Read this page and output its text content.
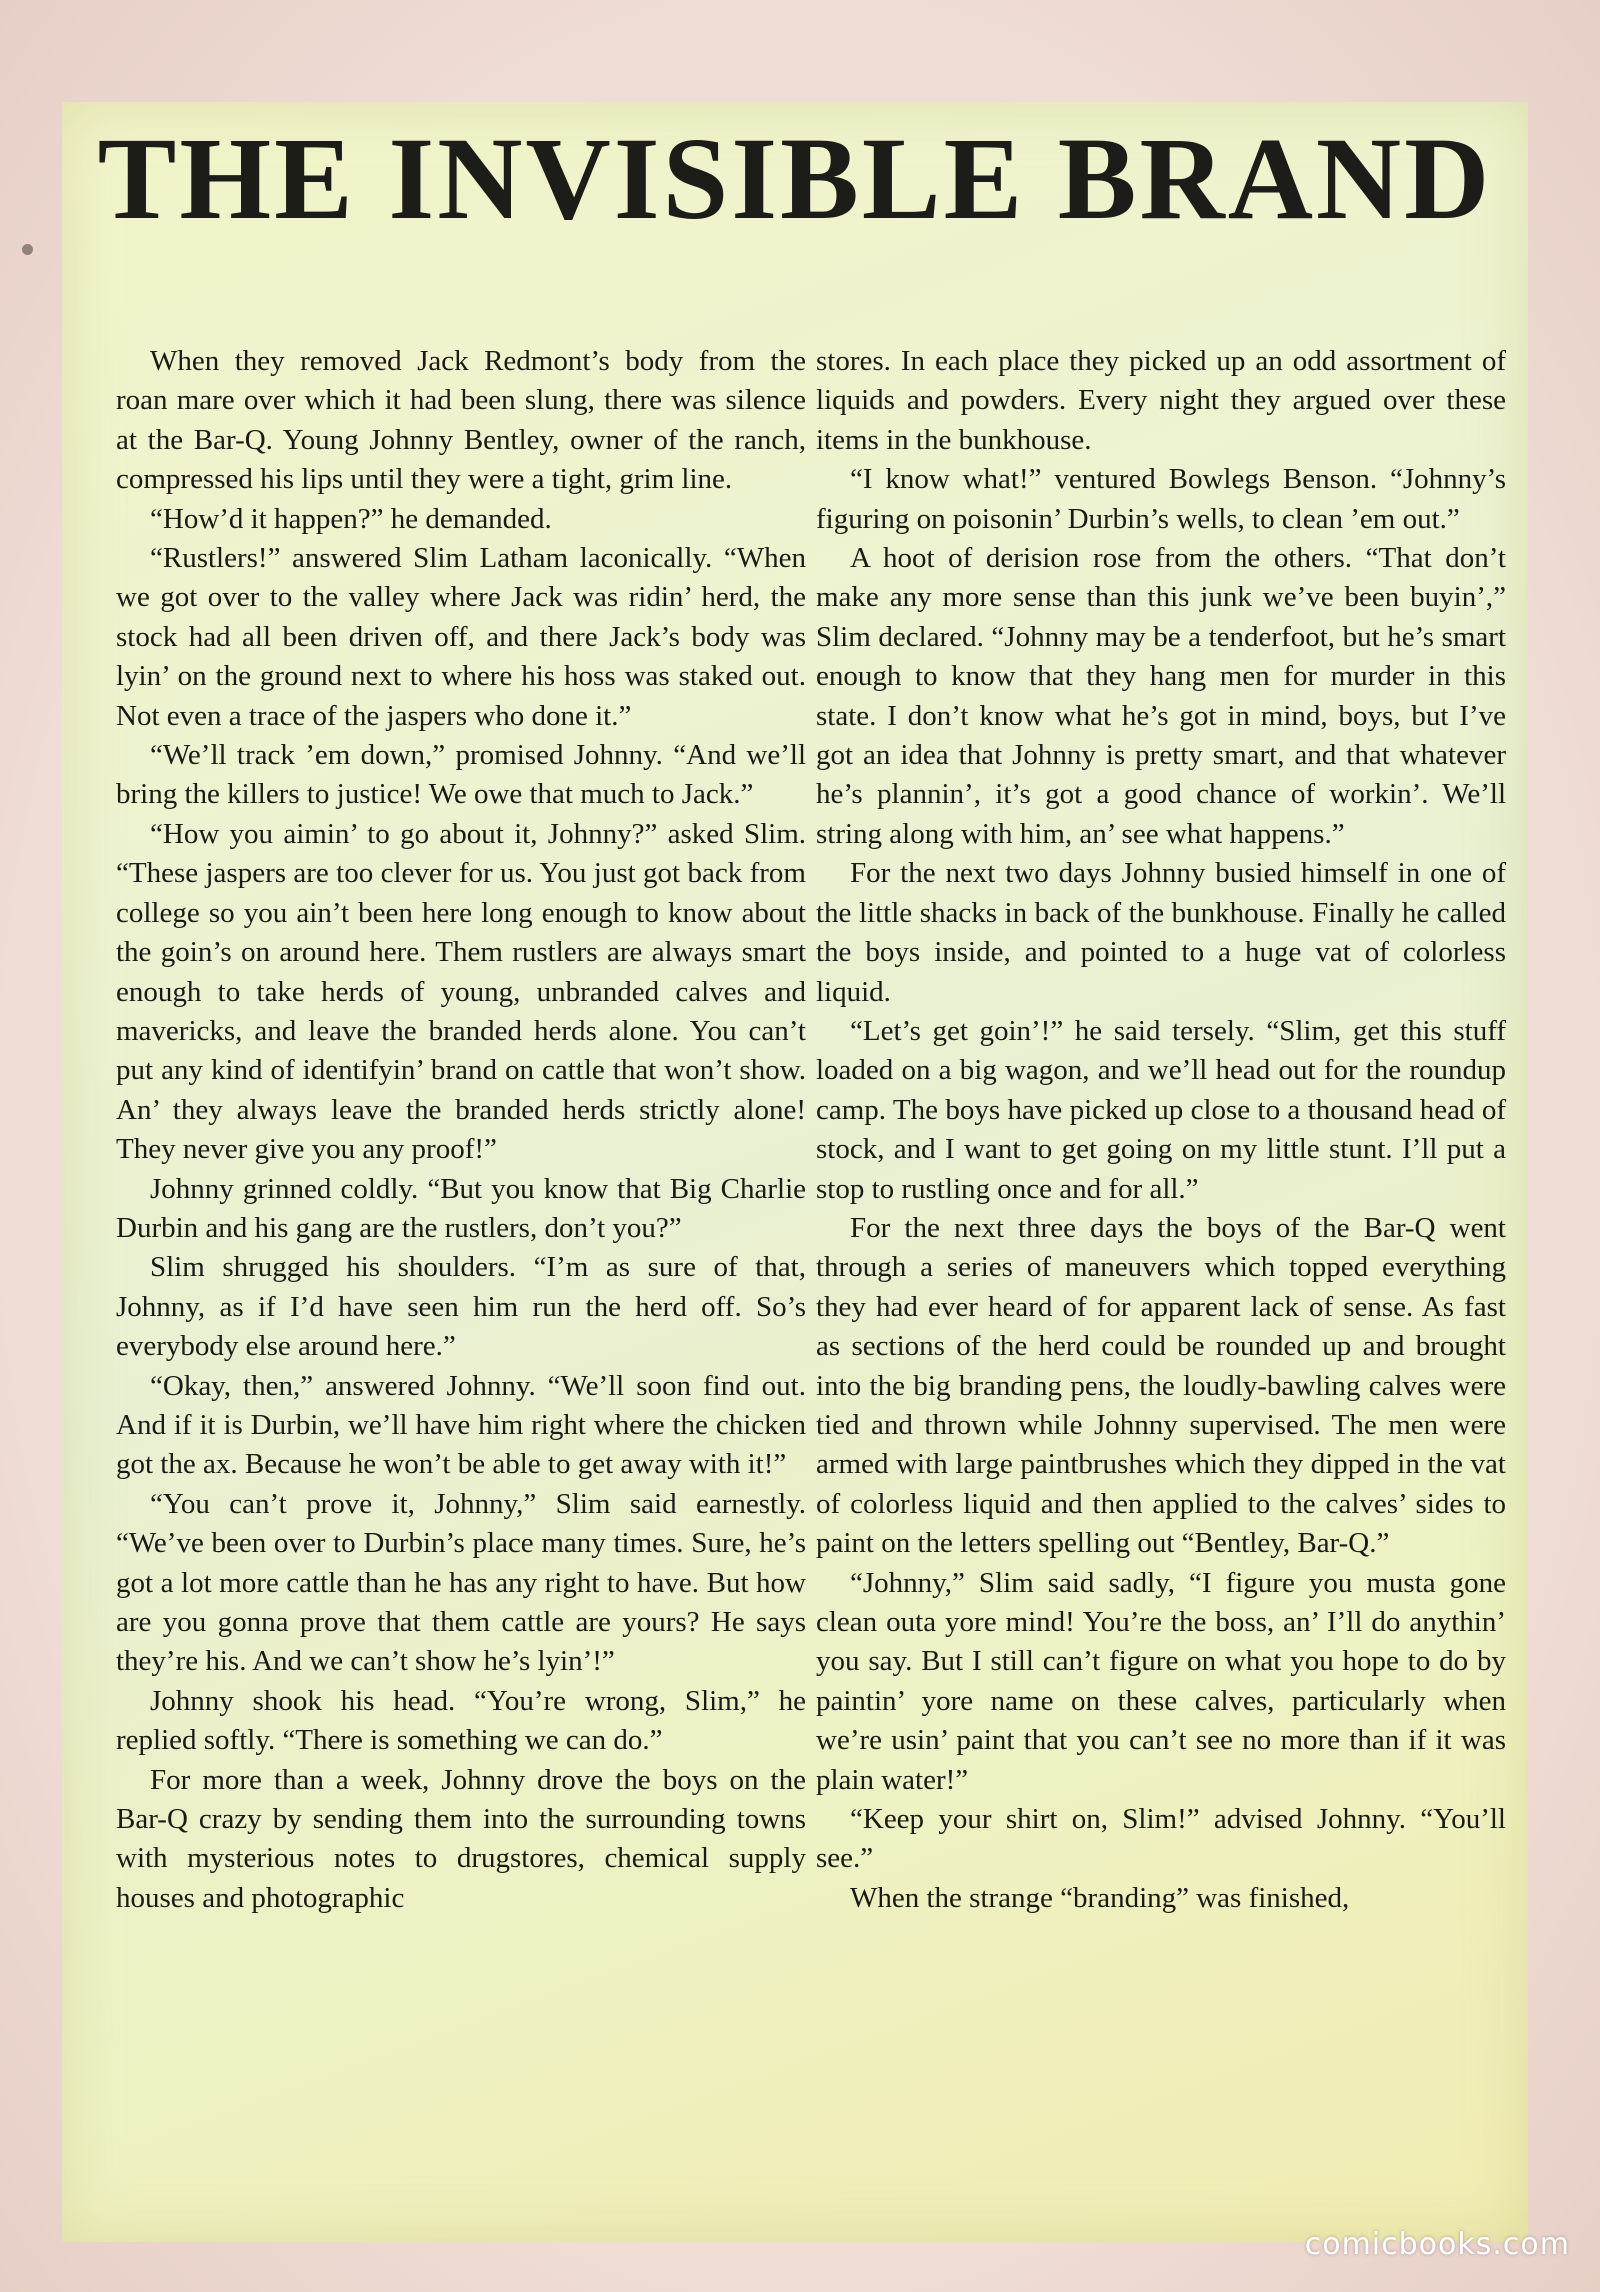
THE INVISIBLE BRAND

When they removed Jack Redmont’s body from the roan mare over which it had been slung, there was silence at the Bar-Q. Young Johnny Bentley, owner of the ranch, compressed his lips until they were a tight, grim line.

“How’d it happen?” he demanded.

“Rustlers!” answered Slim Latham laconically. “When we got over to the valley where Jack was ridin’ herd, the stock had all been driven off, and there Jack’s body was lyin’ on the ground next to where his hoss was staked out. Not even a trace of the jaspers who done it.”

“We’ll track ’em down,” promised Johnny. “And we’ll bring the killers to justice! We owe that much to Jack.”

“How you aimin’ to go about it, Johnny?” asked Slim. “These jaspers are too clever for us. You just got back from college so you ain’t been here long enough to know about the goin’s on around here. Them rustlers are always smart enough to take herds of young, unbranded calves and mavericks, and leave the branded herds alone. You can’t put any kind of identifyin’ brand on cattle that won’t show. An’ they always leave the branded herds strictly alone! They never give you any proof!”

Johnny grinned coldly. “But you know that Big Charlie Durbin and his gang are the rustlers, don’t you?”

Slim shrugged his shoulders. “I’m as sure of that, Johnny, as if I’d have seen him run the herd off. So’s everybody else around here.”

“Okay, then,” answered Johnny. “We’ll soon find out. And if it is Durbin, we’ll have him right where the chicken got the ax. Because he won’t be able to get away with it!”

“You can’t prove it, Johnny,” Slim said earnestly. “We’ve been over to Durbin’s place many times. Sure, he’s got a lot more cattle than he has any right to have. But how are you gonna prove that them cattle are yours? He says they’re his. And we can’t show he’s lyin’!”

Johnny shook his head. “You’re wrong, Slim,” he replied softly. “There is something we can do.”

For more than a week, Johnny drove the boys on the Bar-Q crazy by sending them into the surrounding towns with mysterious notes to drugstores, chemical supply houses and photographic

stores. In each place they picked up an odd assortment of liquids and powders. Every night they argued over these items in the bunkhouse.

“I know what!” ventured Bowlegs Benson. “Johnny’s figuring on poisonin’ Durbin’s wells, to clean ’em out.”

A hoot of derision rose from the others. “That don’t make any more sense than this junk we’ve been buyin’,” Slim declared. “Johnny may be a tenderfoot, but he’s smart enough to know that they hang men for murder in this state. I don’t know what he’s got in mind, boys, but I’ve got an idea that Johnny is pretty smart, and that whatever he’s plannin’, it’s got a good chance of workin’. We’ll string along with him, an’ see what happens.”

For the next two days Johnny busied himself in one of the little shacks in back of the bunkhouse. Finally he called the boys inside, and pointed to a huge vat of colorless liquid.

“Let’s get goin’!” he said tersely. “Slim, get this stuff loaded on a big wagon, and we’ll head out for the roundup camp. The boys have picked up close to a thousand head of stock, and I want to get going on my little stunt. I’ll put a stop to rustling once and for all.”

For the next three days the boys of the Bar-Q went through a series of maneuvers which topped everything they had ever heard of for apparent lack of sense. As fast as sections of the herd could be rounded up and brought into the big branding pens, the loudly-bawling calves were tied and thrown while Johnny supervised. The men were armed with large paintbrushes which they dipped in the vat of colorless liquid and then applied to the calves’ sides to paint on the letters spelling out “Bentley, Bar-Q.”

“Johnny,” Slim said sadly, “I figure you musta gone clean outa yore mind! You’re the boss, an’ I’ll do anythin’ you say. But I still can’t figure on what you hope to do by paintin’ yore name on these calves, particularly when we’re usin’ paint that you can’t see no more than if it was plain water!”

“Keep your shirt on, Slim!” advised Johnny. “You’ll see.”

When the strange “branding” was finished,

comicbooks.com
